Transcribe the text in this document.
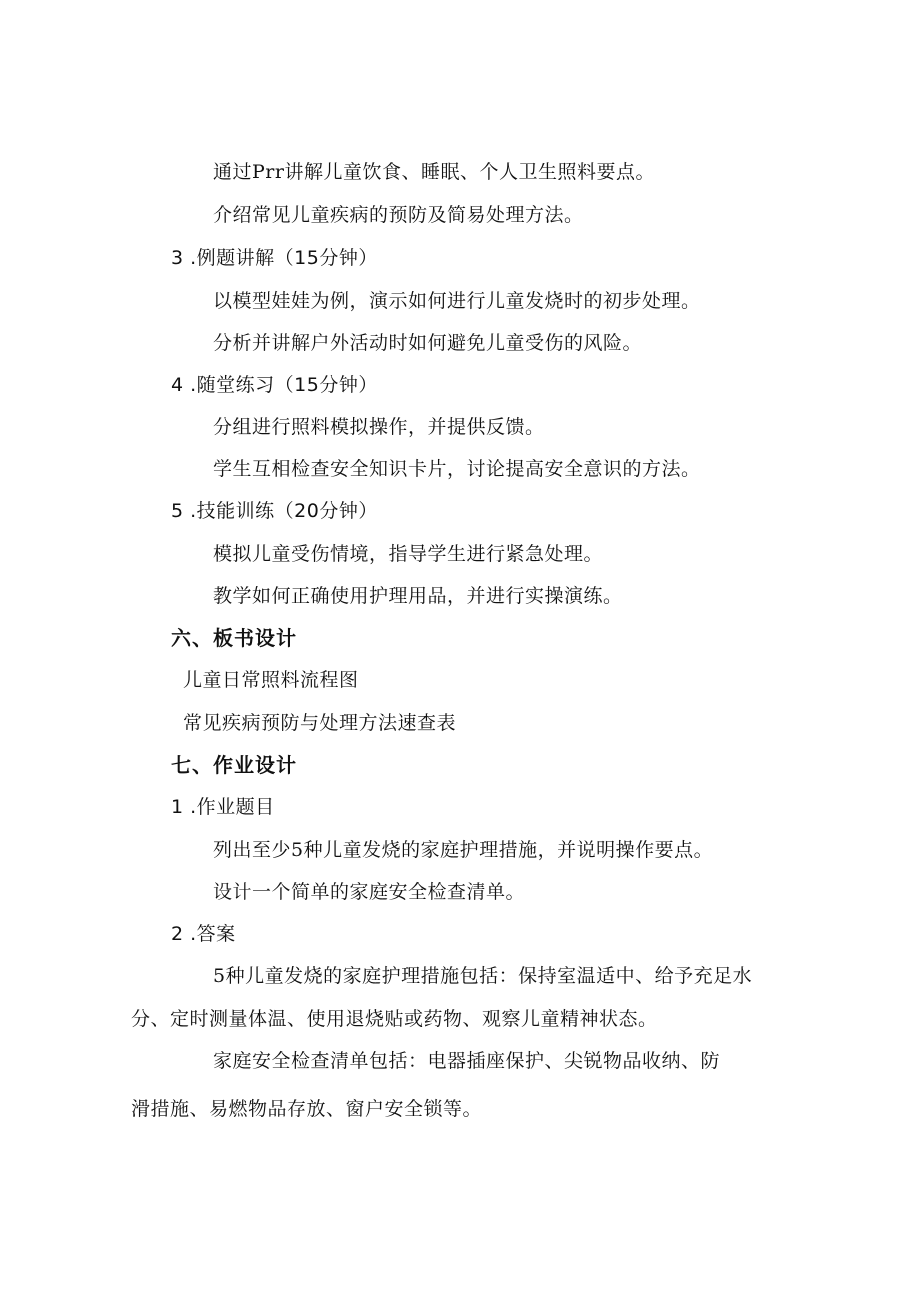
通过Prr讲解儿童饮食、睡眠、个人卫生照料要点。
介绍常见儿童疾病的预防及简易处理方法。
3 .例题讲解（15分钟）
以模型娃娃为例，演示如何进行儿童发烧时的初步处理。
分析并讲解户外活动时如何避免儿童受伤的风险。
4 .随堂练习（15分钟）
分组进行照料模拟操作，并提供反馈。
学生互相检查安全知识卡片，讨论提高安全意识的方法。
5 .技能训练（20分钟）
模拟儿童受伤情境，指导学生进行紧急处理。
教学如何正确使用护理用品，并进行实操演练。
六、板书设计
儿童日常照料流程图
常见疾病预防与处理方法速查表
七、作业设计
1 .作业题目
列出至少5种儿童发烧的家庭护理措施，并说明操作要点。
设计一个简单的家庭安全检查清单。
2 .答案
5种儿童发烧的家庭护理措施包括：保持室温适中、给予充足水
分、定时测量体温、使用退烧贴或药物、观察儿童精神状态。
家庭安全检查清单包括：电器插座保护、尖锐物品收纳、防
滑措施、易燃物品存放、窗户安全锁等。
